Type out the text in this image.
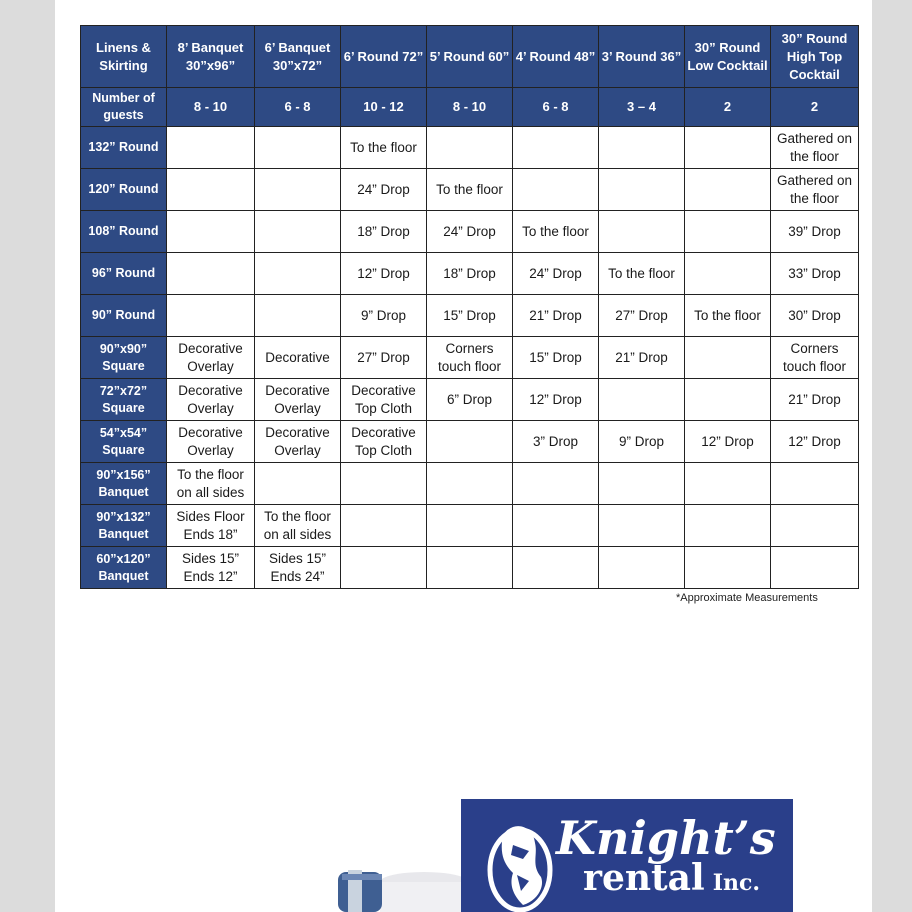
Linens & Skirting	8’ Banquet 30”x96”	6’ Banquet 30”x72”	6’ Round 72”	5’ Round 60”	4’ Round 48”	3’ Round 36”	30” Round Low Cocktail	30” Round High Top Cocktail
Number of guests	8 - 10	6 - 8	10 - 12	8 - 10	6 - 8	3 – 4	2	2
132” Round			To the floor					Gathered on the floor
120” Round			24” Drop	To the floor				Gathered on the floor
108” Round			18” Drop	24” Drop	To the floor			39” Drop
96” Round			12” Drop	18” Drop	24” Drop	To the floor		33” Drop
90” Round			9” Drop	15” Drop	21” Drop	27” Drop	To the floor	30” Drop
90”x90” Square	Decorative Overlay	Decorative	27” Drop	Corners touch floor	15” Drop	21” Drop		Corners touch floor
72”x72” Square	Decorative Overlay	Decorative Overlay	Decorative Top Cloth	6” Drop	12” Drop			21” Drop
54”x54” Square	Decorative Overlay	Decorative Overlay	Decorative Top Cloth		3” Drop	9” Drop	12” Drop	12” Drop
90”x156” Banquet	To the floor on all sides							
90”x132” Banquet	Sides Floor Ends 18”	To the floor on all sides						
60”x120” Banquet	Sides 15” Ends 12”	Sides 15” Ends 24”						
*Approximate Measurements
Knight’s
rental Inc.
